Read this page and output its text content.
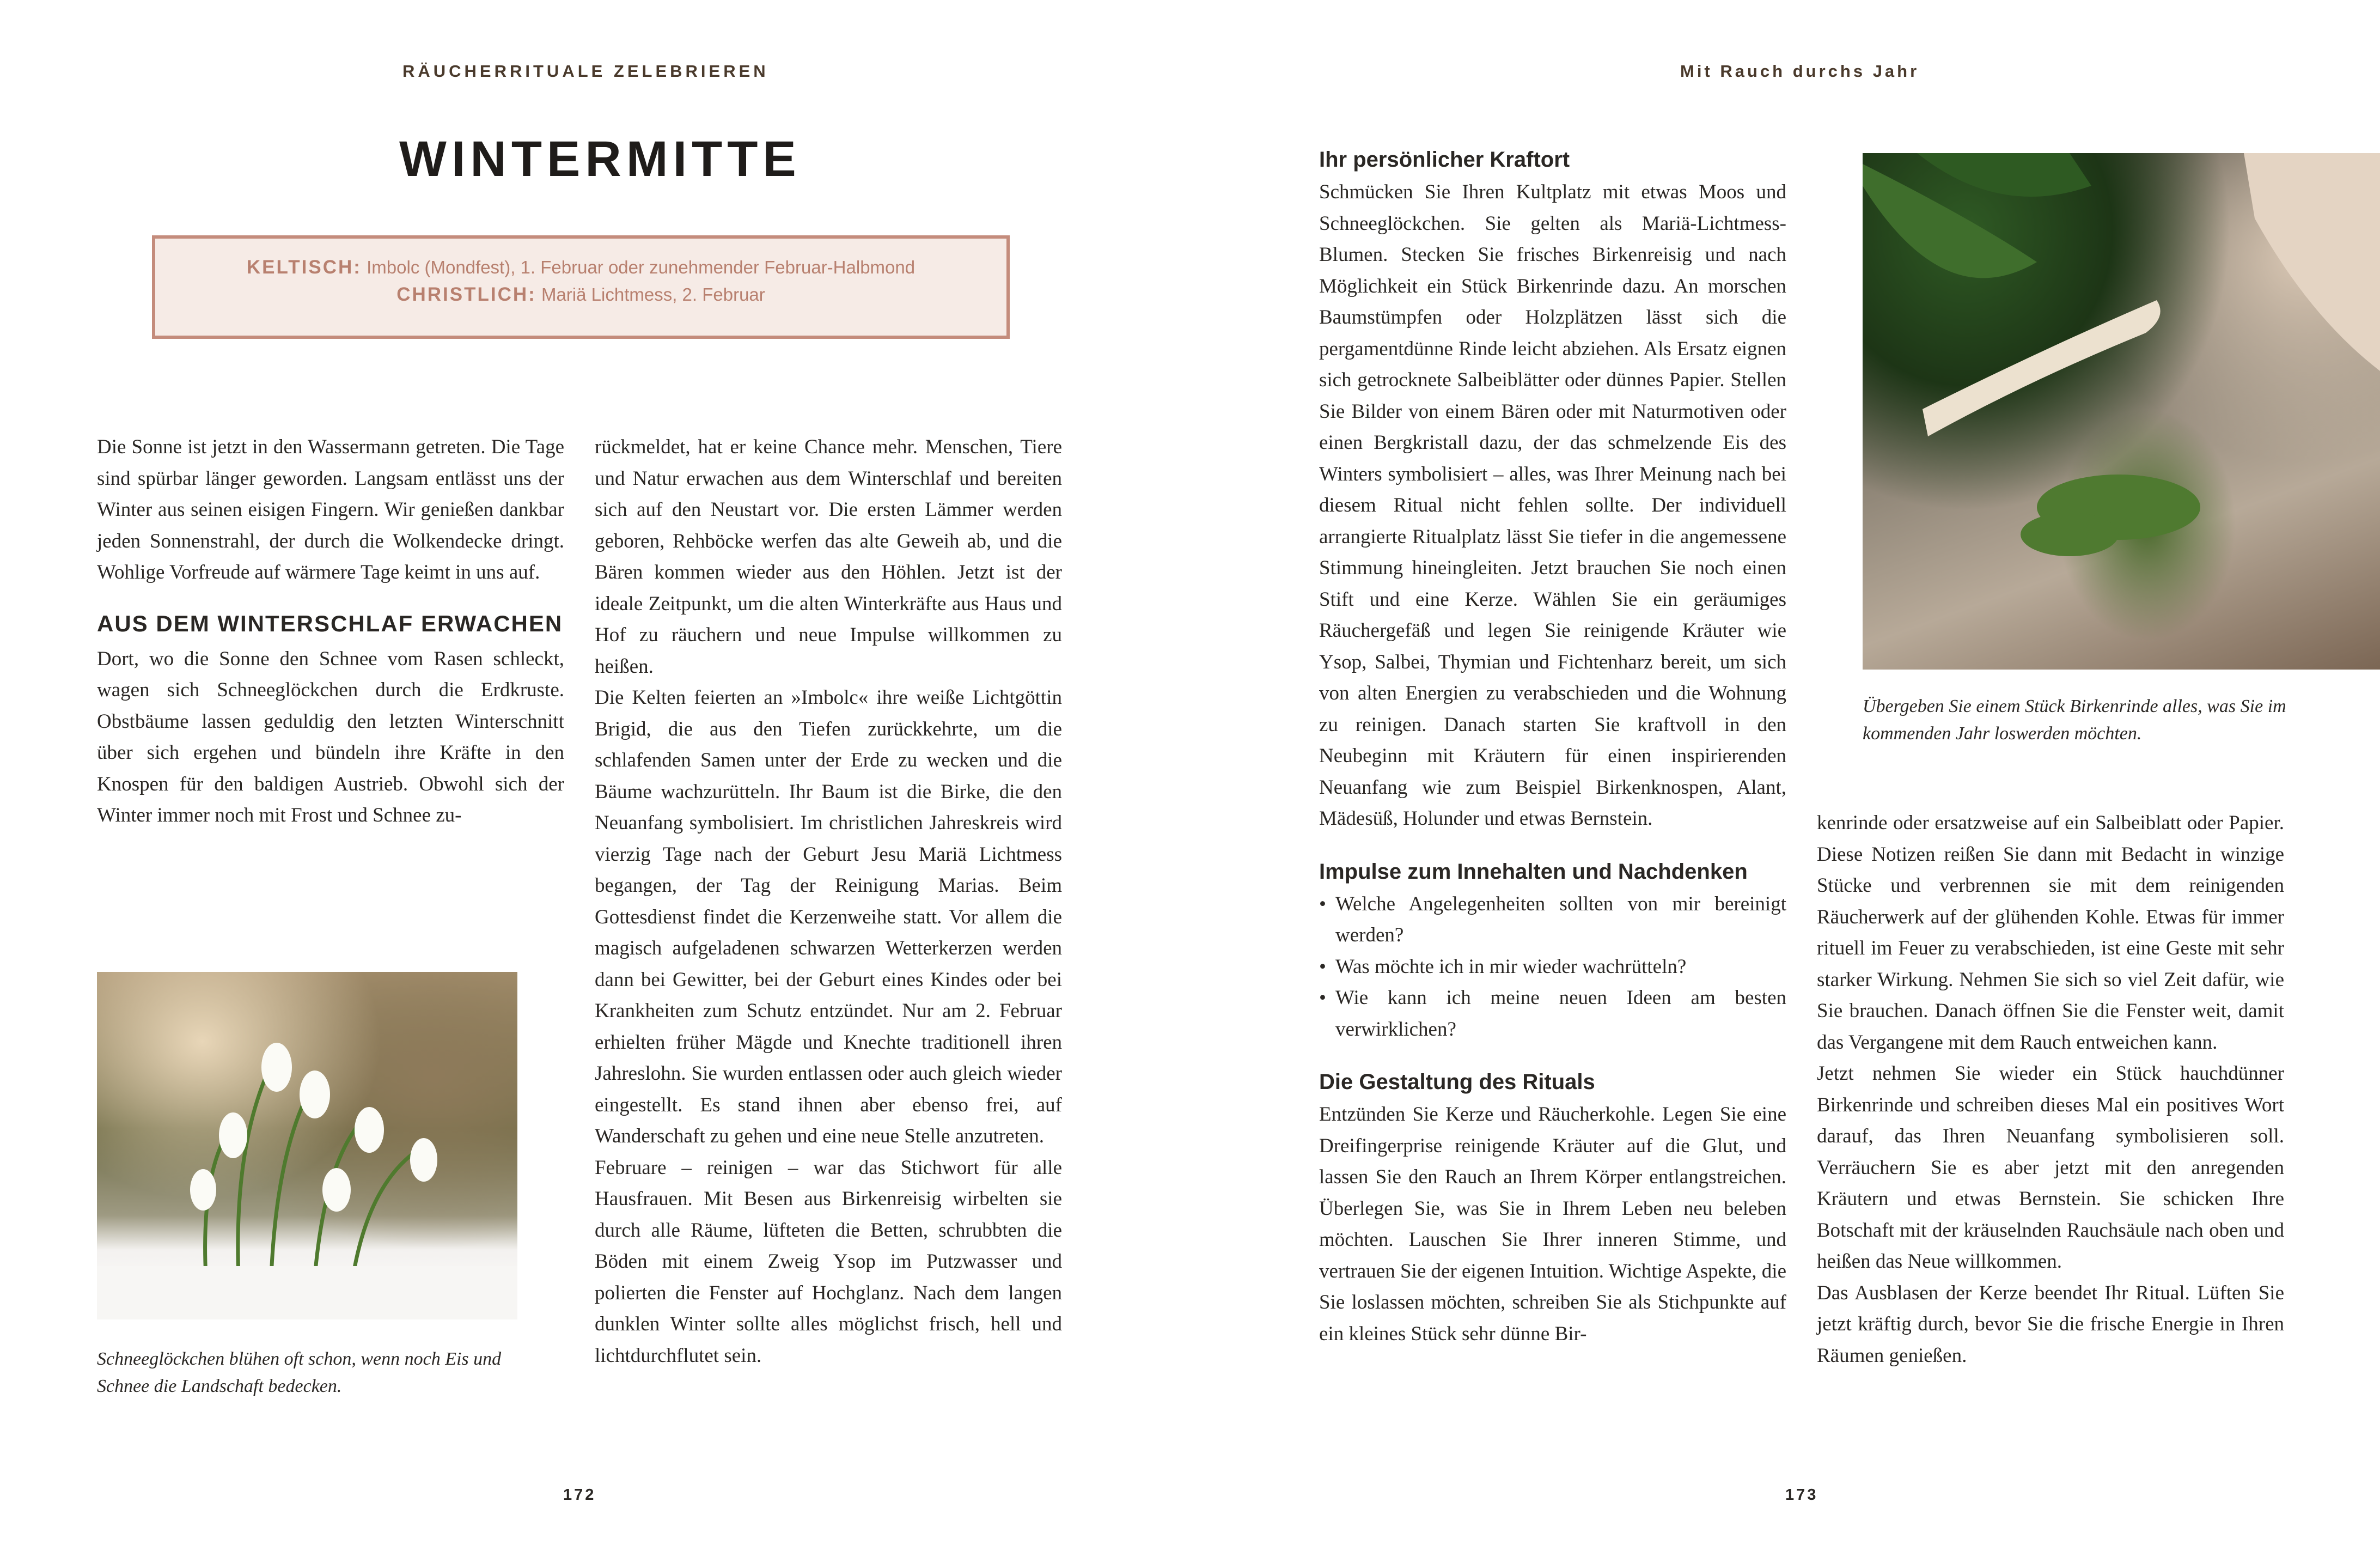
RÄUCHERRITUALE ZELEBRIEREN
WINTERMITTE
KELTISCH: Imbolc (Mondfest), 1. Februar oder zunehmender Februar-Halbmond
CHRISTLICH: Mariä Lichtmess, 2. Februar

Die Sonne ist jetzt in den Wassermann getreten. Die Tage sind spürbar länger geworden. Langsam entlässt uns der Winter aus seinen eisigen Fingern. Wir genießen dankbar jeden Sonnenstrahl, der durch die Wolkendecke dringt. Wohlige Vorfreude auf wärmere Tage keimt in uns auf.

AUS DEM WINTERSCHLAF ERWACHEN

Dort, wo die Sonne den Schnee vom Rasen schleckt, wagen sich Schneeglöckchen durch die Erdkruste. Obstbäume lassen geduldig den letzten Winterschnitt über sich ergehen und bündeln ihre Kräfte in den Knospen für den baldigen Austrieb. Obwohl sich der Winter immer noch mit Frost und Schnee zu-

Schneeglöckchen blühen oft schon, wenn noch Eis und Schnee die Landschaft bedecken.

rückmeldet, hat er keine Chance mehr. Menschen, Tiere und Natur erwachen aus dem Winterschlaf und bereiten sich auf den Neustart vor. Die ersten Lämmer werden geboren, Rehböcke werfen das alte Geweih ab, und die Bären kommen wieder aus den Höhlen. Jetzt ist der ideale Zeitpunkt, um die alten Winterkräfte aus Haus und Hof zu räuchern und neue Impulse willkommen zu heißen.

Die Kelten feierten an »Imbolc« ihre weiße Lichtgöttin Brigid, die aus den Tiefen zurückkehrte, um die schlafenden Samen unter der Erde zu wecken und die Bäume wachzurütteln. Ihr Baum ist die Birke, die den Neuanfang symbolisiert. Im christlichen Jahreskreis wird vierzig Tage nach der Geburt Jesu Mariä Lichtmess begangen, der Tag der Reinigung Marias. Beim Gottesdienst findet die Kerzenweihe statt. Vor allem die magisch aufgeladenen schwarzen Wetterkerzen werden dann bei Gewitter, bei der Geburt eines Kindes oder bei Krankheiten zum Schutz entzündet. Nur am 2. Februar erhielten früher Mägde und Knechte traditionell ihren Jahreslohn. Sie wurden entlassen oder auch gleich wieder eingestellt. Es stand ihnen aber ebenso frei, auf Wanderschaft zu gehen und eine neue Stelle anzutreten.

Februare – reinigen – war das Stichwort für alle Hausfrauen. Mit Besen aus Birkenreisig wirbelten sie durch alle Räume, lüfteten die Betten, schrubbten die Böden mit einem Zweig Ysop im Putzwasser und polierten die Fenster auf Hochglanz. Nach dem langen dunklen Winter sollte alles möglichst frisch, hell und lichtdurchflutet sein.

172
Mit Rauch durchs Jahr
Ihr persönlicher Kraftort

Schmücken Sie Ihren Kultplatz mit etwas Moos und Schneeglöckchen. Sie gelten als Mariä-Lichtmess-Blumen. Stecken Sie frisches Birkenreisig und nach Möglichkeit ein Stück Birkenrinde dazu. An morschen Baumstümpfen oder Holzplätzen lässt sich die pergamentdünne Rinde leicht abziehen. Als Ersatz eignen sich getrocknete Salbeiblätter oder dünnes Papier. Stellen Sie Bilder von einem Bären oder mit Naturmotiven oder einen Bergkristall dazu, der das schmelzende Eis des Winters symbolisiert – alles, was Ihrer Meinung nach bei diesem Ritual nicht fehlen sollte. Der individuell arrangierte Ritualplatz lässt Sie tiefer in die angemessene Stimmung hineingleiten. Jetzt brauchen Sie noch einen Stift und eine Kerze. Wählen Sie ein geräumiges Räuchergefäß und legen Sie reinigende Kräuter wie Ysop, Salbei, Thymian und Fichtenharz bereit, um sich von alten Energien zu verabschieden und die Wohnung zu reinigen. Danach starten Sie kraftvoll in den Neubeginn mit Kräutern für einen inspirierenden Neuanfang wie zum Beispiel Birkenknospen, Alant, Mädesüß, Holunder und etwas Bernstein.

Impulse zum Innehalten und Nachdenken
• Welche Angelegenheiten sollten von mir bereinigt werden?
• Was möchte ich in mir wieder wachrütteln?
• Wie kann ich meine neuen Ideen am besten verwirklichen?
Die Gestaltung des Rituals

Entzünden Sie Kerze und Räucherkohle. Legen Sie eine Dreifingerprise reinigende Kräuter auf die Glut, und lassen Sie den Rauch an Ihrem Körper entlangstreichen. Überlegen Sie, was Sie in Ihrem Leben neu beleben möchten. Lauschen Sie Ihrer inneren Stimme, und vertrauen Sie der eigenen Intuition. Wichtige Aspekte, die Sie loslassen möchten, schreiben Sie als Stichpunkte auf ein kleines Stück sehr dünne Bir-

Übergeben Sie einem Stück Birkenrinde alles, was Sie im kommenden Jahr loswerden möchten.

kenrinde oder ersatzweise auf ein Salbeiblatt oder Papier. Diese Notizen reißen Sie dann mit Bedacht in winzige Stücke und verbrennen sie mit dem reinigenden Räucherwerk auf der glühenden Kohle. Etwas für immer rituell im Feuer zu verabschieden, ist eine Geste mit sehr starker Wirkung. Nehmen Sie sich so viel Zeit dafür, wie Sie brauchen. Danach öffnen Sie die Fenster weit, damit das Vergangene mit dem Rauch entweichen kann.

Jetzt nehmen Sie wieder ein Stück hauchdünner Birkenrinde und schreiben dieses Mal ein positives Wort darauf, das Ihren Neuanfang symbolisieren soll. Verräuchern Sie es aber jetzt mit den anregenden Kräutern und etwas Bernstein. Sie schicken Ihre Botschaft mit der kräuselnden Rauchsäule nach oben und heißen das Neue willkommen.

Das Ausblasen der Kerze beendet Ihr Ritual. Lüften Sie jetzt kräftig durch, bevor Sie die frische Energie in Ihren Räumen genießen.

173
